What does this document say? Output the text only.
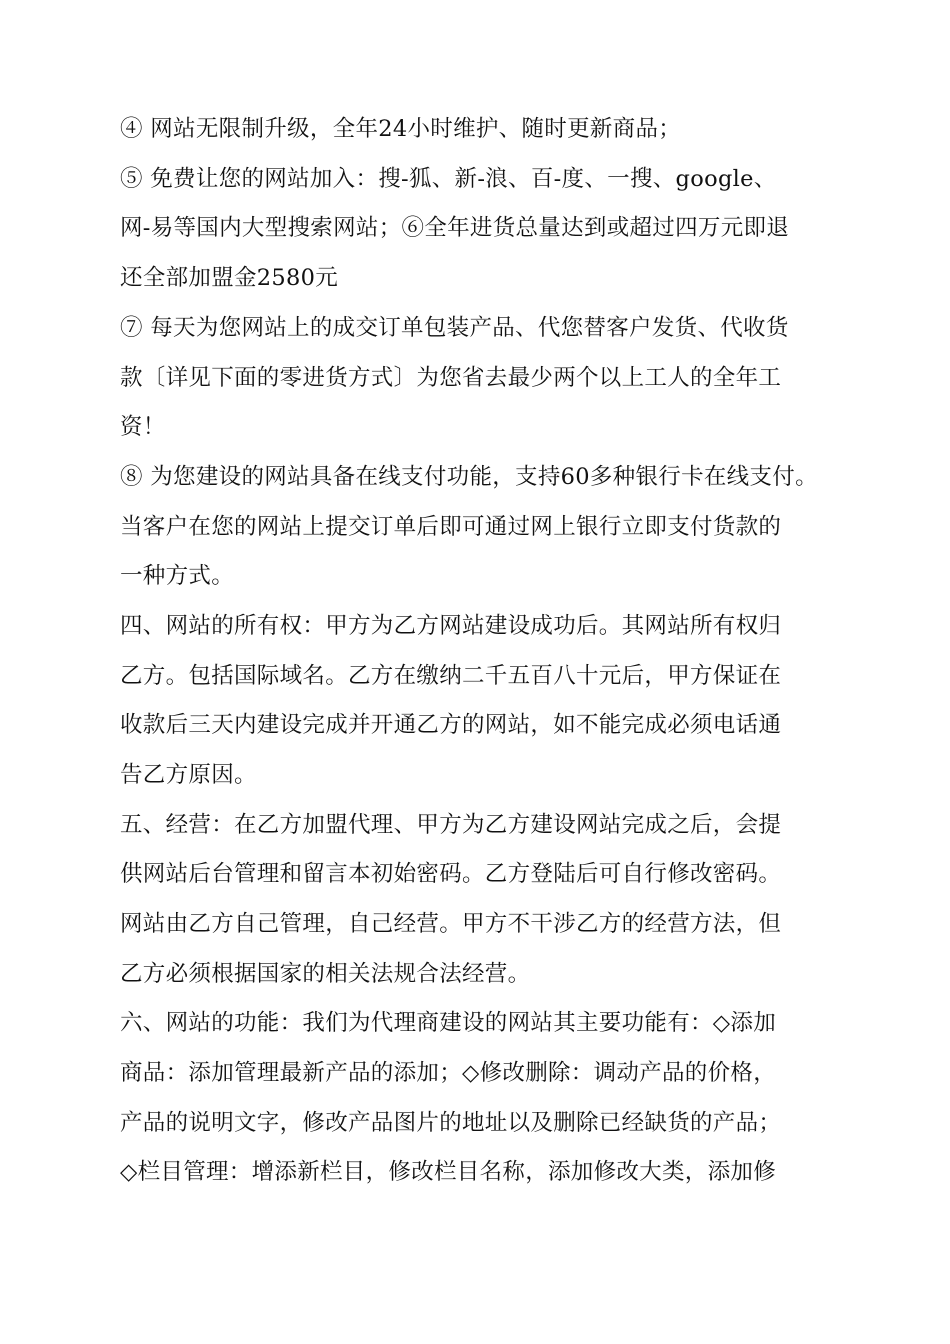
④ 网站无限制升级，全年24小时维护、随时更新商品；
⑤ 免费让您的网站加入：搜-狐、新-浪、百-度、一搜、google、
网-易等国内大型搜索网站；⑥全年进货总量达到或超过四万元即退
还全部加盟金2580元
⑦ 每天为您网站上的成交订单包装产品、代您替客户发货、代收货
款〔详见下面的零进货方式〕为您省去最少两个以上工人的全年工
资！
⑧ 为您建设的网站具备在线支付功能，支持60多种银行卡在线支付。
当客户在您的网站上提交订单后即可通过网上银行立即支付货款的
一种方式。
四、网站的所有权：甲方为乙方网站建设成功后。其网站所有权归
乙方。包括国际域名。乙方在缴纳二千五百八十元后，甲方保证在
收款后三天内建设完成并开通乙方的网站，如不能完成必须电话通
告乙方原因。
五、经营：在乙方加盟代理、甲方为乙方建设网站完成之后，会提
供网站后台管理和留言本初始密码。乙方登陆后可自行修改密码。
网站由乙方自己管理，自己经营。甲方不干涉乙方的经营方法，但
乙方必须根据国家的相关法规合法经营。
六、网站的功能：我们为代理商建设的网站其主要功能有：◇添加
商品：添加管理最新产品的添加；◇修改删除：调动产品的价格，
产品的说明文字，修改产品图片的地址以及删除已经缺货的产品；
◇栏目管理：增添新栏目，修改栏目名称，添加修改大类，添加修
